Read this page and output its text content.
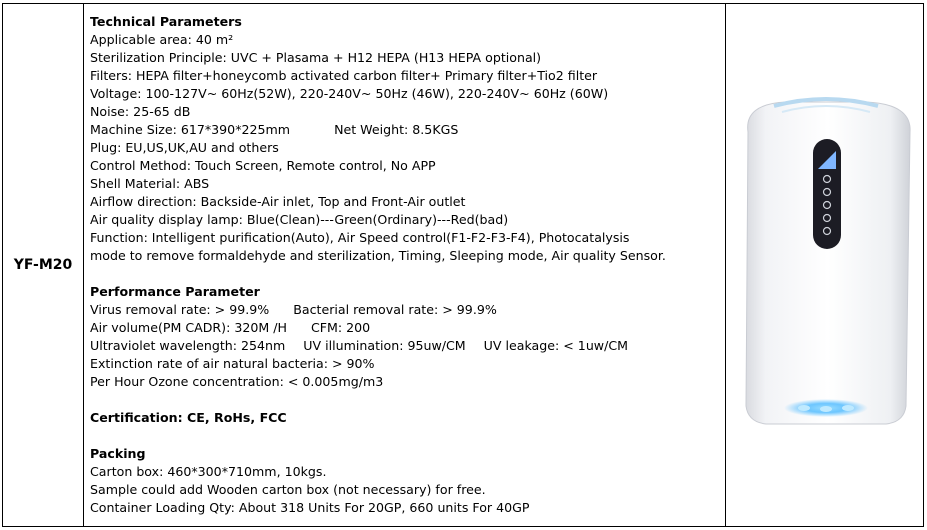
YF-M20
Technical Parameters
Applicable area: 40 m²
Sterilization Principle: UVC + Plasama + H12 HEPA (H13 HEPA optional)
Filters: HEPA filter+honeycomb activated carbon filter+ Primary filter+Tio2 filter
Voltage: 100-127V~ 60Hz(52W), 220-240V~ 50Hz (46W), 220-240V~ 60Hz (60W)
Noise: 25-65 dB
Machine Size: 617*390*225mm	Net Weight: 8.5KGS
Plug: EU,US,UK,AU and others
Control Method: Touch Screen, Remote control, No APP
Shell Material: ABS
Airflow direction: Backside-Air inlet, Top and Front-Air outlet
Air quality display lamp: Blue(Clean)---Green(Ordinary)---Red(bad)
Function: Intelligent purification(Auto), Air Speed control(F1-F2-F3-F4), Photocatalysis
mode to remove formaldehyde and sterilization, Timing, Sleeping mode, Air quality Sensor.
Performance Parameter
Virus removal rate: > 99.9% Bacterial removal rate: > 99.9%
Air volume(PM CADR): 320M /H CFM: 200
Ultraviolet wavelength: 254nm UV illumination: 95uw/CM UV leakage: < 1uw/CM
Extinction rate of air natural bacteria: > 90%
Per Hour Ozone concentration: < 0.005mg/m3
Certification: CE, RoHs, FCC
Packing
Carton box: 460*300*710mm, 10kgs.
Sample could add Wooden carton box (not necessary) for free.
Container Loading Qty: About 318 Units For 20GP, 660 units For 40GP
